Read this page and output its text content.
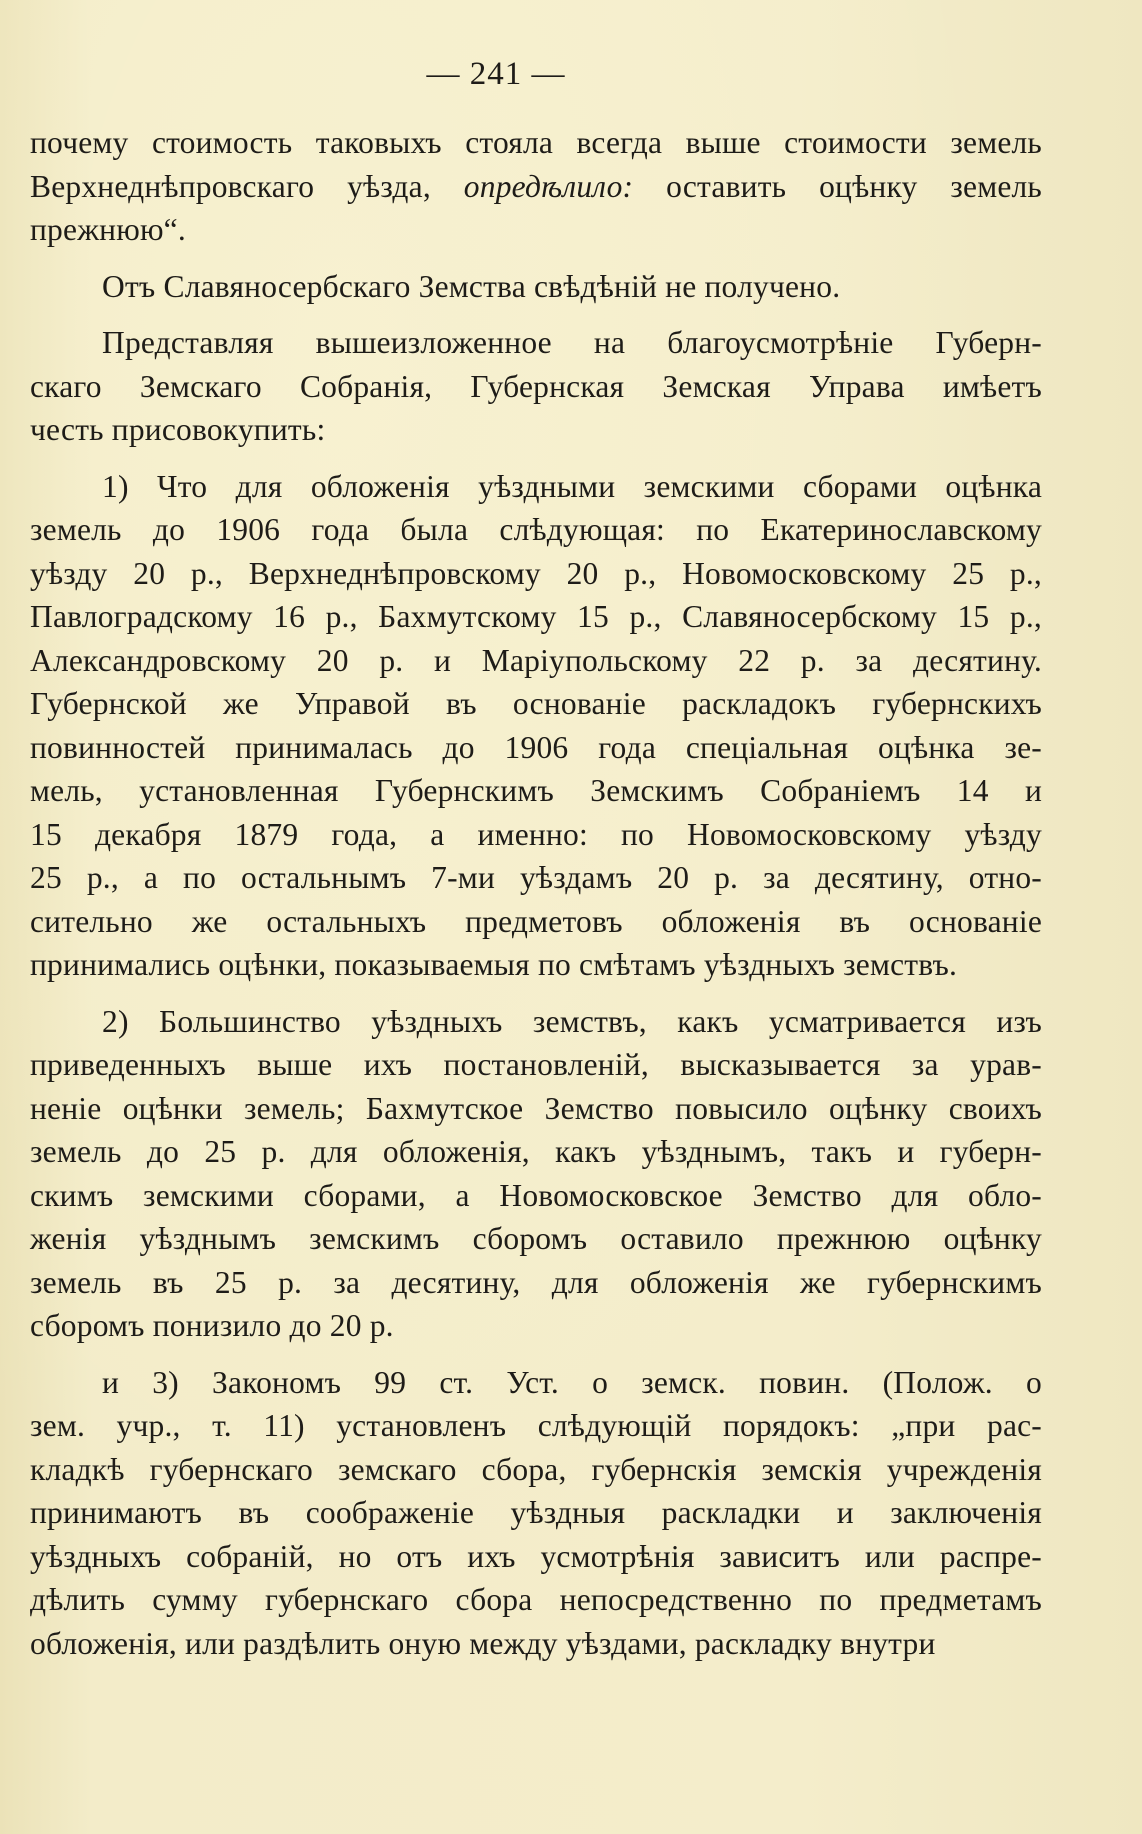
— 241 —
почему стоимость таковыхъ стояла всегда выше стоимости земель
Верхнеднѣпровскаго уѣзда, опредѣлило: оставить оцѣнку земель
прежнюю“.
Отъ Славяносербскаго Земства свѣдѣній не получено.
Представляя вышеизложенное на благоусмотрѣніе Губерн-
скаго Земскаго Собранія, Губернская Земская Управа имѣетъ
честь присовокупить:
1) Что для обложенія уѣздными земскими сборами оцѣнка
земель до 1906 года была слѣдующая: по Екатеринославскому
уѣзду 20 р., Верхнеднѣпровскому 20 р., Новомосковскому 25 р.,
Павлоградскому 16 р., Бахмутскому 15 р., Славяносербскому 15 р.,
Александровскому 20 р. и Маріупольскому 22 р. за десятину.
Губернской же Управой въ основаніе раскладокъ губернскихъ
повинностей принималась до 1906 года спеціальная оцѣнка зе-
мель, установленная Губернскимъ Земскимъ Собраніемъ 14 и
15 декабря 1879 года, а именно: по Новомосковскому уѣзду
25 р., а по остальнымъ 7-ми уѣздамъ 20 р. за десятину, отно-
сительно же остальныхъ предметовъ обложенія въ основаніе
принимались оцѣнки, показываемыя по смѣтамъ уѣздныхъ земствъ.
2) Большинство уѣздныхъ земствъ, какъ усматривается изъ
приведенныхъ выше ихъ постановленій, высказывается за урав-
неніе оцѣнки земель; Бахмутское Земство повысило оцѣнку своихъ
земель до 25 р. для обложенія, какъ уѣзднымъ, такъ и губерн-
скимъ земскими сборами, а Новомосковское Земство для обло-
женія уѣзднымъ земскимъ сборомъ оставило прежнюю оцѣнку
земель въ 25 р. за десятину, для обложенія же губернскимъ
сборомъ понизило до 20 р.
и 3) Закономъ 99 ст. Уст. о земск. повин. (Полож. о
зем. учр., т. 11) установленъ слѣдующій порядокъ: „при рас-
кладкѣ губернскаго земскаго сбора, губернскія земскія учрежденія
принимаютъ въ соображеніе уѣздныя раскладки и заключенія
уѣздныхъ собраній, но отъ ихъ усмотрѣнія зависитъ или распре-
дѣлить сумму губернскаго сбора непосредственно по предметамъ
обложенія, или раздѣлить оную между уѣздами, раскладку внутри
